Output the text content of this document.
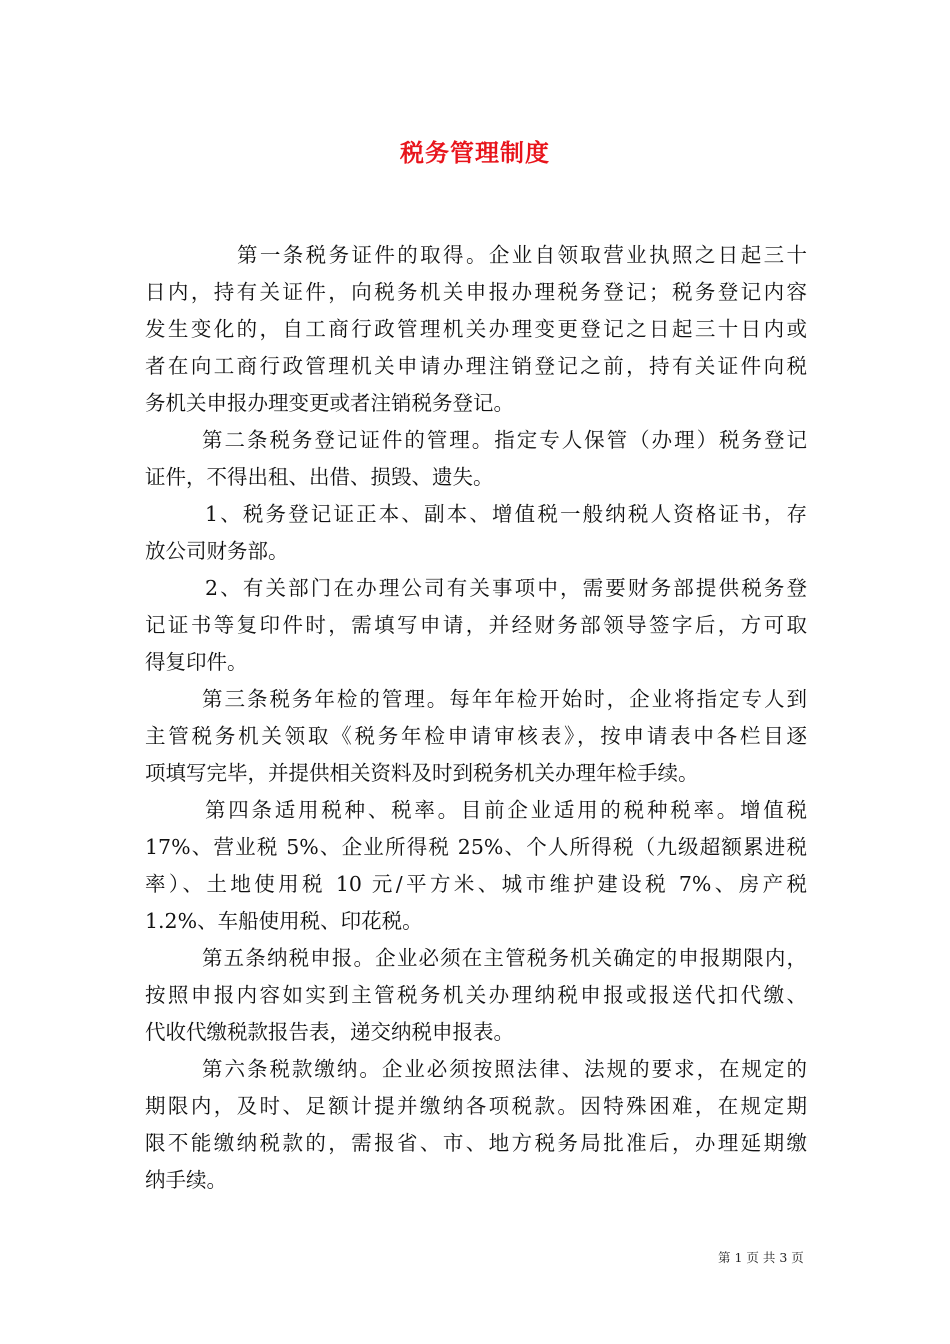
税务管理制度
第一条税务证件的取得。企业自领取营业执照之日起三十
日内，持有关证件，向税务机关申报办理税务登记；税务登记内容
发生变化的，自工商行政管理机关办理变更登记之日起三十日内或
者在向工商行政管理机关申请办理注销登记之前，持有关证件向税
务机关申报办理变更或者注销税务登记。
第二条税务登记证件的管理。指定专人保管（办理）税务登记
证件，不得出租、出借、损毁、遗失。
1、税务登记证正本、副本、增值税一般纳税人资格证书，存
放公司财务部。
2、有关部门在办理公司有关事项中，需要财务部提供税务登
记证书等复印件时，需填写申请，并经财务部领导签字后，方可取
得复印件。
第三条税务年检的管理。每年年检开始时，企业将指定专人到
主管税务机关领取《税务年检申请审核表》，按申请表中各栏目逐
项填写完毕，并提供相关资料及时到税务机关办理年检手续。
第四条适用税种、税率。目前企业适用的税种税率。增值税
17%、营业税 5%、企业所得税 25%、个人所得税（九级超额累进税
率）、土地使用税 10 元/平方米、城市维护建设税 7%、房产税
1.2%、车船使用税、印花税。
第五条纳税申报。企业必须在主管税务机关确定的申报期限内，
按照申报内容如实到主管税务机关办理纳税申报或报送代扣代缴、
代收代缴税款报告表，递交纳税申报表。
第六条税款缴纳。企业必须按照法律、法规的要求，在规定的
期限内，及时、足额计提并缴纳各项税款。因特殊困难，在规定期
限不能缴纳税款的，需报省、市、地方税务局批准后，办理延期缴
纳手续。
第 1 页 共 3 页
